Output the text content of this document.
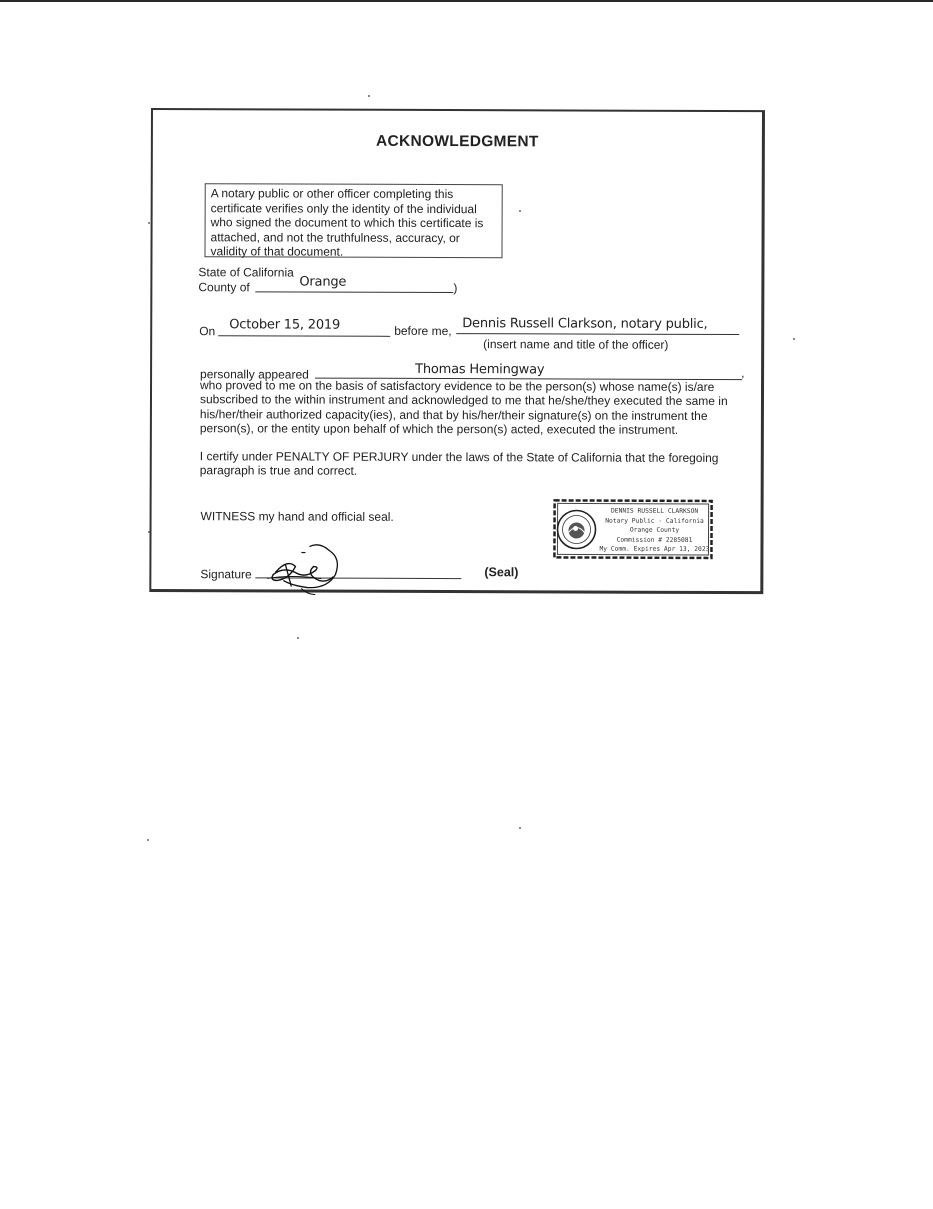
ACKNOWLEDGMENT
A notary public or other officer completing this certificate verifies only the identity of the individual who signed the document to which this certificate is attached, and not the truthfulness, accuracy, or validity of that document.
State of California
County of	Orange	)
On October 15, 2019	before me, Dennis Russell Clarkson, notary public,
(insert name and title of the officer)
personally appeared	Thomas Hemingway	,
who proved to me on the basis of satisfactory evidence to be the person(s) whose name(s) is/are subscribed to the within instrument and acknowledged to me that he/she/they executed the same in his/her/their authorized capacity(ies), and that by his/her/their signature(s) on the instrument the person(s), or the entity upon behalf of which the person(s) acted, executed the instrument.
I certify under PENALTY OF PERJURY under the laws of the State of California that the foregoing paragraph is true and correct.
WITNESS my hand and official seal.	DENNIS RUSSELL CLARKSON
Notary Public - California
Orange County
Commission # 2285081
My Comm. Expires Apr 13, 2023
Signature	(Seal)
